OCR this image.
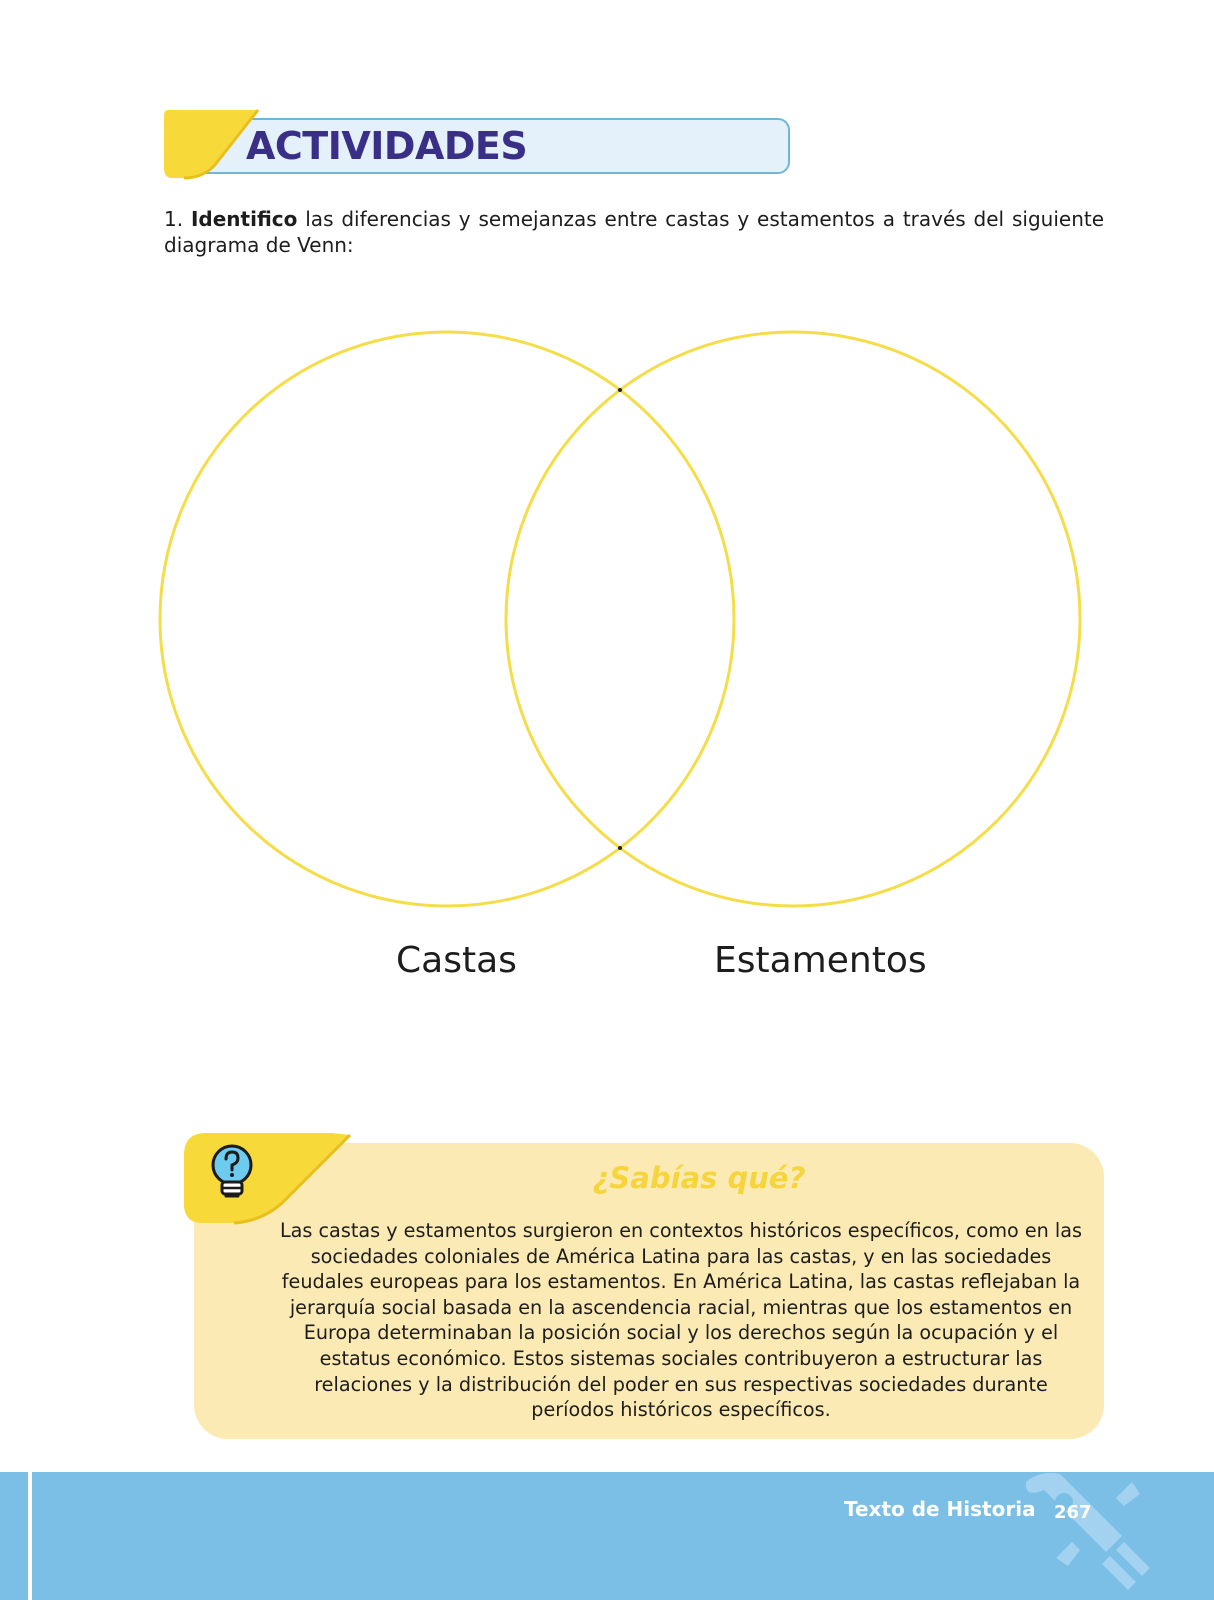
ACTIVIDADES
1. Identifico las diferencias y semejanzas entre castas y estamentos a través del siguiente diagrama de Venn:
Castas	Estamentos
¿Sabías qué?
Las castas y estamentos surgieron en contextos históricos específicos, como en las sociedades coloniales de América Latina para las castas, y en las sociedades feudales europeas para los estamentos. En América Latina, las castas reflejaban la jerarquía social basada en la ascendencia racial, mientras que los estamentos en Europa determinaban la posición social y los derechos según la ocupación y el estatus económico. Estos sistemas sociales contribuyeron a estructurar las relaciones y la distribución del poder en sus respectivas sociedades durante períodos históricos específicos.
Texto de Historia 267
